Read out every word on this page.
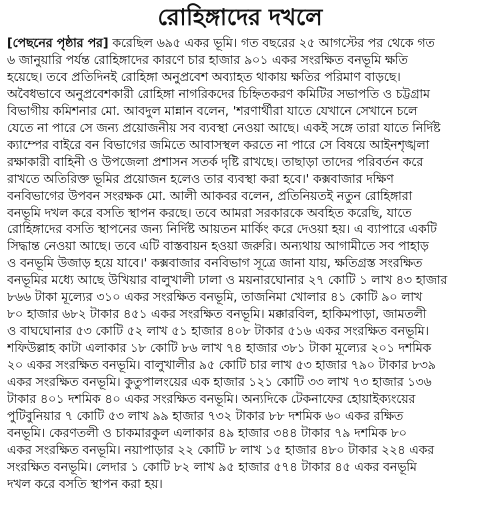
রোহিঙ্গাদের দখলে
[পেছনের পৃষ্ঠার পর] করেছিল ৬৯৫ একর ভূমি। গত বছরের ২৫ আগস্টের পর থেকে গত
৬ জানুয়ারি পর্যন্ত রোহিঙ্গাদের কারণে চার হাজার ৯০১ একর সংরক্ষিত বনভূমি ক্ষতি
হয়েছে। তবে প্রতিদিনই রোহিঙ্গা অনুপ্রবেশ অব্যাহত থাকায় ক্ষতির পরিমাণ বাড়ছে।
অবৈধভাবে অনুপ্রবেশকারী রোহিঙ্গা নাগরিকদের চিহ্নিতকরণ কমিটির সভাপতি ও চট্টগ্রাম
বিভাগীয় কমিশনার মো. আবদুল মান্নান বলেন, 'শরণার্থীরা যাতে যেখানে সেখানে চলে
যেতে না পারে সে জন্য প্রয়োজনীয় সব ব্যবস্থা নেওয়া আছে। একই সঙ্গে তারা যাতে নির্দিষ্ট
ক্যাম্পের বাইরে বন বিভাগের জমিতে আবাসস্থল করতে না পারে সে বিষয়ে আইনশৃঙ্খলা
রক্ষাকারী বাহিনী ও উপজেলা প্রশাসন সতর্ক দৃষ্টি রাখছে। তাছাড়া তাদের পরিবর্তন করে
রাখতে অতিরিক্ত ভূমির প্রয়োজন হলেও তার ব্যবস্থা করা হবে।' কক্সবাজার দক্ষিণ
বনবিভাগের উপবন সংরক্ষক মো. আলী আকবর বলেন, প্রতিনিয়তই নতুন রোহিঙ্গারা
বনভূমি দখল করে বসতি স্থাপন করছে। তবে আমরা সরকারকে অবহিত করেছি, যাতে
রোহিঙ্গাদের বসতি স্থাপনের জন্য নির্দিষ্ট আয়তন মার্কিং করে দেওয়া হয়। এ ব্যাপারে একটি
সিদ্ধান্ত নেওয়া আছে। তবে এটি বাস্তবায়ন হওয়া জরুরি। অন্যথায় আগামীতে সব পাহাড়
ও বনভূমি উজাড় হয়ে যাবে।' কক্সবাজার বনবিভাগ সূত্রে জানা যায়, ক্ষতিগ্রস্ত সংরক্ষিত
বনভূমির মধ্যে আছে উখিয়ার বালুখালী ঢালা ও ময়নারঘোনার ২৭ কোটি ১ লাখ ৪৩ হাজার
৮৬৬ টাকা মূল্যের ৩১০ একর সংরক্ষিত বনভূমি, তাজনিমা খোলার ৪১ কোটি ৯০ লাখ
৮০ হাজার ৬৮২ টাকার ৪৫১ একর সংরক্ষিত বনভূমি। মক্কারবিল, হাকিমপাড়া, জামতলী
ও বাঘঘোনার ৫৩ কোটি ৫২ লাখ ৫১ হাজার ৪০৮ টাকার ৫১৬ একর সংরক্ষিত বনভূমি।
শফিউল্লাহ কাটা এলাকার ১৮ কোটি ৮৬ লাখ ৭৪ হাজার ৩৮১ টাকা মূল্যের ২০১ দশমিক
২০ একর সংরক্ষিত বনভূমি। বালুখালীর ৯৫ কোটি চার লাখ ৫৩ হাজার ৭৯০ টাকার ৮৩৯
একর সংরক্ষিত বনভূমি। কুতুপালংয়ের এক হাজার ১২১ কোটি ৩৩ লাখ ৭৩ হাজার ১৩৬
টাকার ৪০১ দশমিক ৪০ একর সংরক্ষিত বনভূমি। অন্যদিকে টেকনাফের হোয়াইক্যংয়ের
পুটিবুনিয়ার ৭ কোটি ৫৩ লাখ ৯৯ হাজার ৭৩২ টাকার ৮৮ দশমিক ৬০ একর রক্ষিত
বনভূমি। কেরণতলী ও চাকমারকুল এলাকার ৪৯ হাজার ৩৪৪ টাকার ৭৯ দশমিক ৮০
একর সংরক্ষিত বনভূমি। নয়াপাড়ার ২২ কোটি ৮ লাখ ১৫ হাজার ৪৮০ টাকার ২২৪ একর
সংরক্ষিত বনভূমি। লেদার ১ কোটি ৮২ লাখ ৯৫ হাজার ৫৭৪ টাকার ৪৫ একর বনভূমি
দখল করে বসতি স্থাপন করা হয়।
